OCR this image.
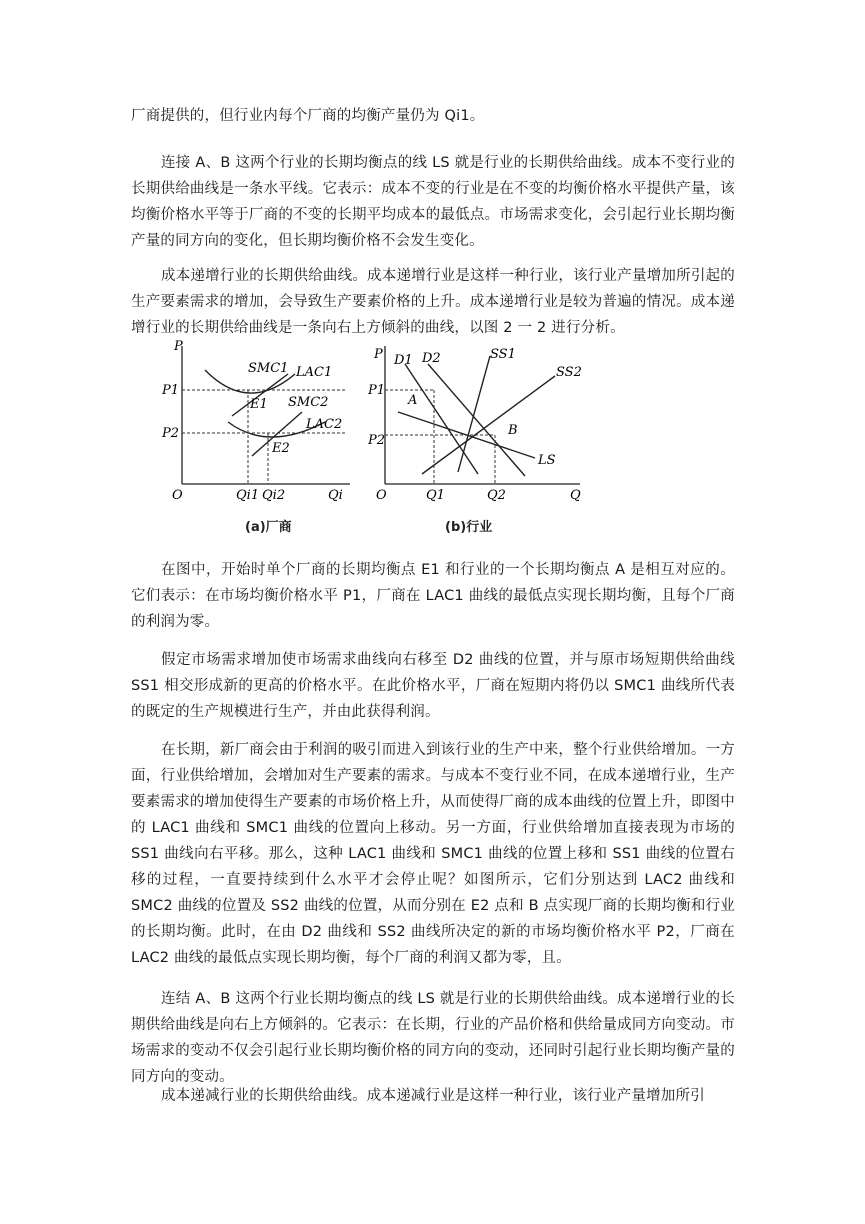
厂商提供的，但行业内每个厂商的均衡产量仍为 Qi1。

连接 A、B 这两个行业的长期均衡点的线 LS 就是行业的长期供给曲线。成本不变行业的长期供给曲线是一条水平线。它表示：成本不变的行业是在不变的均衡价格水平提供产量，该均衡价格水平等于厂商的不变的长期平均成本的最低点。市场需求变化，会引起行业长期均衡产量的同方向的变化，但长期均衡价格不会发生变化。

成本递增行业的长期供给曲线。成本递增行业是这样一种行业，该行业产量增加所引起的生产要素需求的增加，会导致生产要素价格的上升。成本递增行业是较为普遍的情况。成本递增行业的长期供给曲线是一条向右上方倾斜的曲线，以图 2 一 2 进行分析。

P
O	Qi
P1
P2
Qi1 Qi2
SMC1 LAC1
SMC2
LAC2
E1
E2
P
O	Q
P1
P2
Q1	Q2
D1 D2	SS1
SS2
LS
A
B
(a)厂商	(b)行业

在图中，开始时单个厂商的长期均衡点 E1 和行业的一个长期均衡点 A 是相互对应的。它们表示：在市场均衡价格水平 P1，厂商在 LAC1 曲线的最低点实现长期均衡，且每个厂商的利润为零。

假定市场需求增加使市场需求曲线向右移至 D2 曲线的位置，并与原市场短期供给曲线 SS1 相交形成新的更高的价格水平。在此价格水平，厂商在短期内将仍以 SMC1 曲线所代表的既定的生产规模进行生产，并由此获得利润。

在长期，新厂商会由于利润的吸引而进入到该行业的生产中来，整个行业供给增加。一方面，行业供给增加，会增加对生产要素的需求。与成本不变行业不同，在成本递增行业，生产要素需求的增加使得生产要素的市场价格上升，从而使得厂商的成本曲线的位置上升，即图中的 LAC1 曲线和 SMC1 曲线的位置向上移动。另一方面，行业供给增加直接表现为市场的 SS1 曲线向右平移。那么，这种 LAC1 曲线和 SMC1 曲线的位置上移和 SS1 曲线的位置右移的过程，一直要持续到什么水平才会停止呢？如图所示，它们分别达到 LAC2 曲线和 SMC2 曲线的位置及 SS2 曲线的位置，从而分别在 E2 点和 B 点实现厂商的长期均衡和行业的长期均衡。此时，在由 D2 曲线和 SS2 曲线所决定的新的市场均衡价格水平 P2，厂商在 LAC2 曲线的最低点实现长期均衡，每个厂商的利润又都为零，且。

连结 A、B 这两个行业长期均衡点的线 LS 就是行业的长期供给曲线。成本递增行业的长期供给曲线是向右上方倾斜的。它表示：在长期，行业的产品价格和供给量成同方向变动。市场需求的变动不仅会引起行业长期均衡价格的同方向的变动，还同时引起行业长期均衡产量的同方向的变动。

成本递减行业的长期供给曲线。成本递减行业是这样一种行业，该行业产量增加所引
